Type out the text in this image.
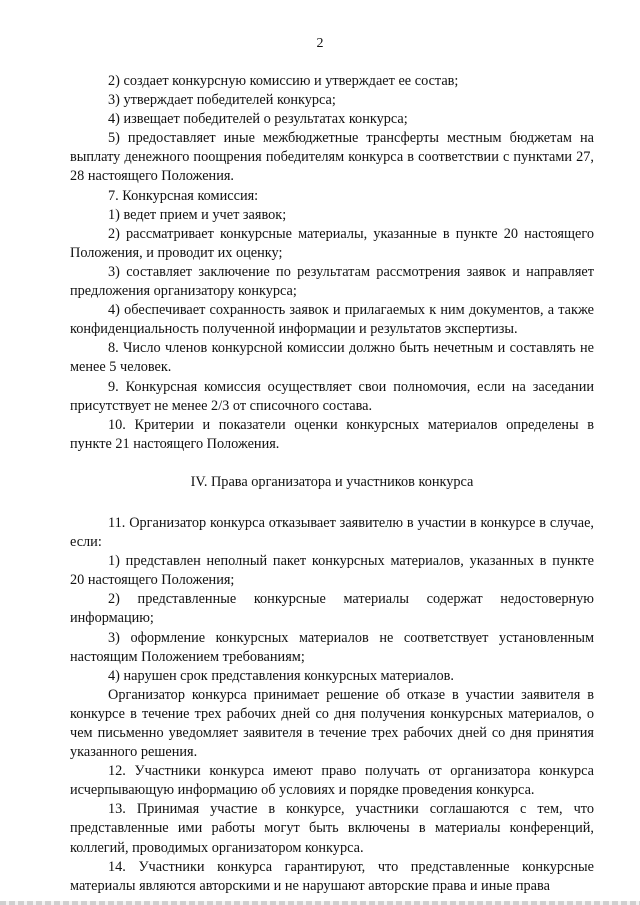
2

2) создает конкурсную комиссию и утверждает ее состав;

3) утверждает победителей конкурса;

4) извещает победителей о результатах конкурса;

5) предоставляет иные межбюджетные трансферты местным бюджетам на выплату денежного поощрения победителям конкурса в соответствии с пунктами 27, 28 настоящего Положения.

7. Конкурсная комиссия:

1) ведет прием и учет заявок;

2) рассматривает конкурсные материалы, указанные в пункте 20 настоящего Положения, и проводит их оценку;

3) составляет заключение по результатам рассмотрения заявок и направляет предложения организатору конкурса;

4) обеспечивает сохранность заявок и прилагаемых к ним документов, а также конфиденциальность полученной информации и результатов экспертизы.

8. Число членов конкурсной комиссии должно быть нечетным и составлять не менее 5 человек.

9. Конкурсная комиссия осуществляет свои полномочия, если на заседании присутствует не менее 2/3 от списочного состава.

10. Критерии и показатели оценки конкурсных материалов определены в пункте 21 настоящего Положения.

IV. Права организатора и участников конкурса

11. Организатор конкурса отказывает заявителю в участии в конкурсе в случае, если:

1) представлен неполный пакет конкурсных материалов, указанных в пункте 20 настоящего Положения;

2) представленные конкурсные материалы содержат недостоверную информацию;

3) оформление конкурсных материалов не соответствует установленным настоящим Положением требованиям;

4) нарушен срок представления конкурсных материалов.

Организатор конкурса принимает решение об отказе в участии заявителя в конкурсе в течение трех рабочих дней со дня получения конкурсных материалов, о чем письменно уведомляет заявителя в течение трех рабочих дней со дня принятия указанного решения.

12. Участники конкурса имеют право получать от организатора конкурса исчерпывающую информацию об условиях и порядке проведения конкурса.

13. Принимая участие в конкурсе, участники соглашаются с тем, что представленные ими работы могут быть включены в материалы конференций, коллегий, проводимых организатором конкурса.

14. Участники конкурса гарантируют, что представленные конкурсные материалы являются авторскими и не нарушают авторские права и иные права
